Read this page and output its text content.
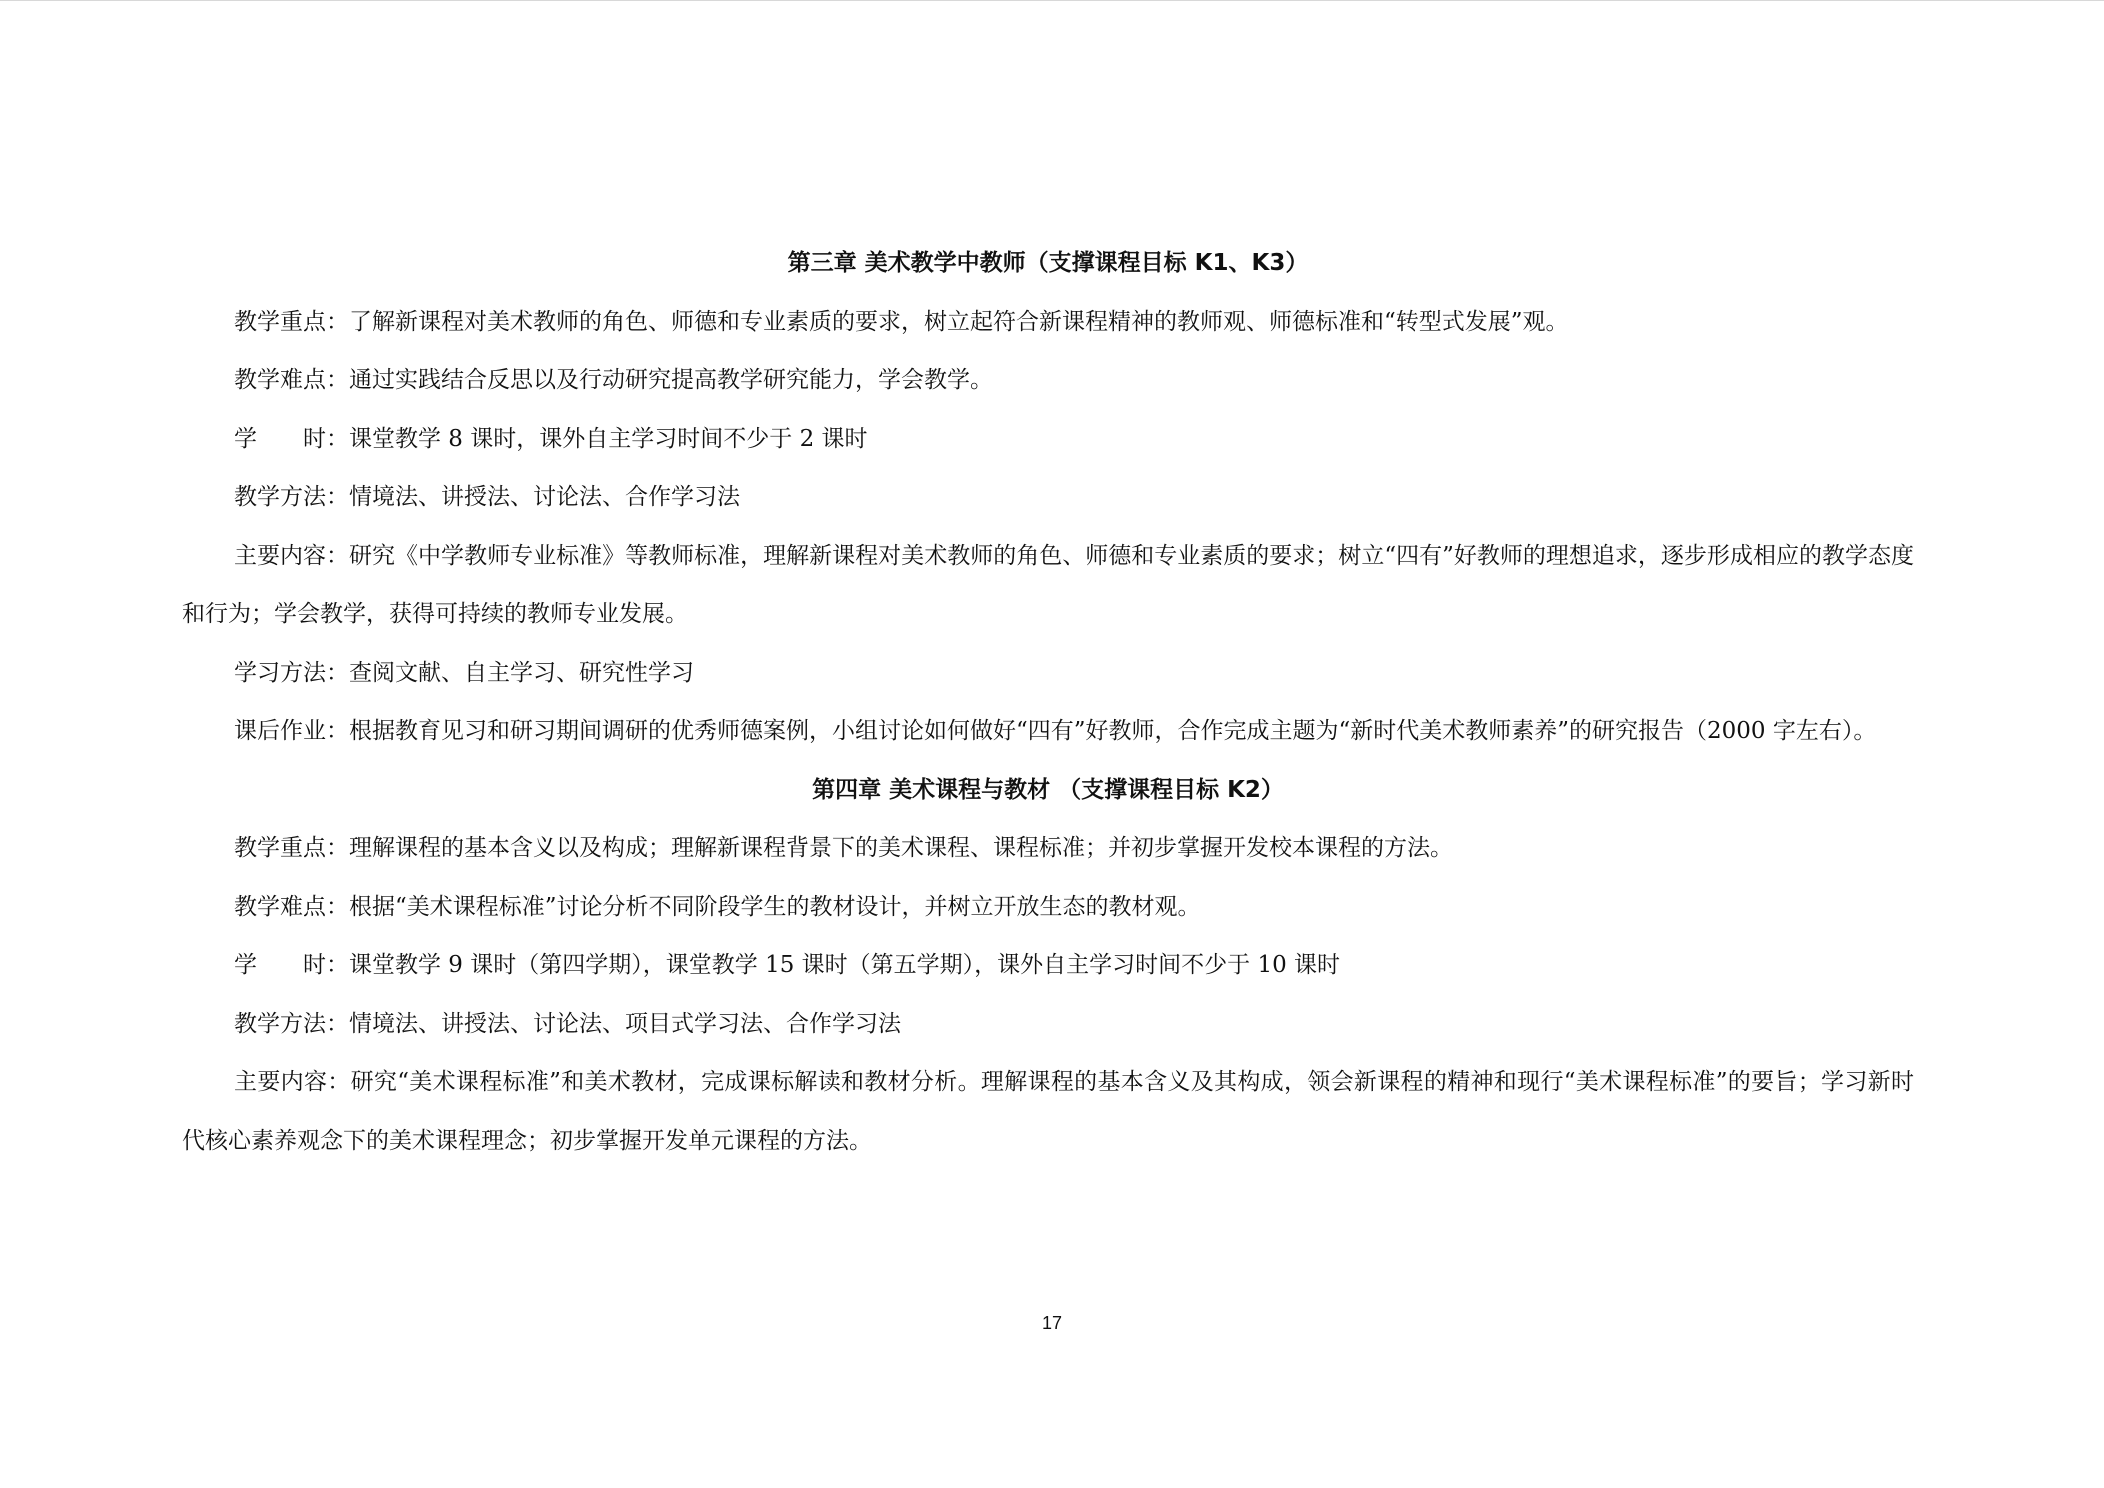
第三章 美术教学中教师（支撑课程目标 K1、K3）

教学重点：了解新课程对美术教师的角色、师德和专业素质的要求，树立起符合新课程精神的教师观、师德标准和“转型式发展”观。

教学难点：通过实践结合反思以及行动研究提高教学研究能力，学会教学。

学　　时：课堂教学 8 课时，课外自主学习时间不少于 2 课时

教学方法：情境法、讲授法、讨论法、合作学习法

主要内容：研究《中学教师专业标准》等教师标准，理解新课程对美术教师的角色、师德和专业素质的要求；树立“四有”好教师的理想追求，逐步形成相应的教学态度和行为；学会教学，获得可持续的教师专业发展。

学习方法：查阅文献、自主学习、研究性学习

课后作业：根据教育见习和研习期间调研的优秀师德案例，小组讨论如何做好“四有”好教师，合作完成主题为“新时代美术教师素养”的研究报告（2000 字左右）。

第四章 美术课程与教材 （支撑课程目标 K2）

教学重点：理解课程的基本含义以及构成；理解新课程背景下的美术课程、课程标准；并初步掌握开发校本课程的方法。

教学难点：根据“美术课程标准”讨论分析不同阶段学生的教材设计，并树立开放生态的教材观。

学　　时：课堂教学 9 课时（第四学期），课堂教学 15 课时（第五学期），课外自主学习时间不少于 10 课时

教学方法：情境法、讲授法、讨论法、项目式学习法、合作学习法

主要内容：研究“美术课程标准”和美术教材，完成课标解读和教材分析。理解课程的基本含义及其构成，领会新课程的精神和现行“美术课程标准”的要旨；学习新时代核心素养观念下的美术课程理念；初步掌握开发单元课程的方法。

17
